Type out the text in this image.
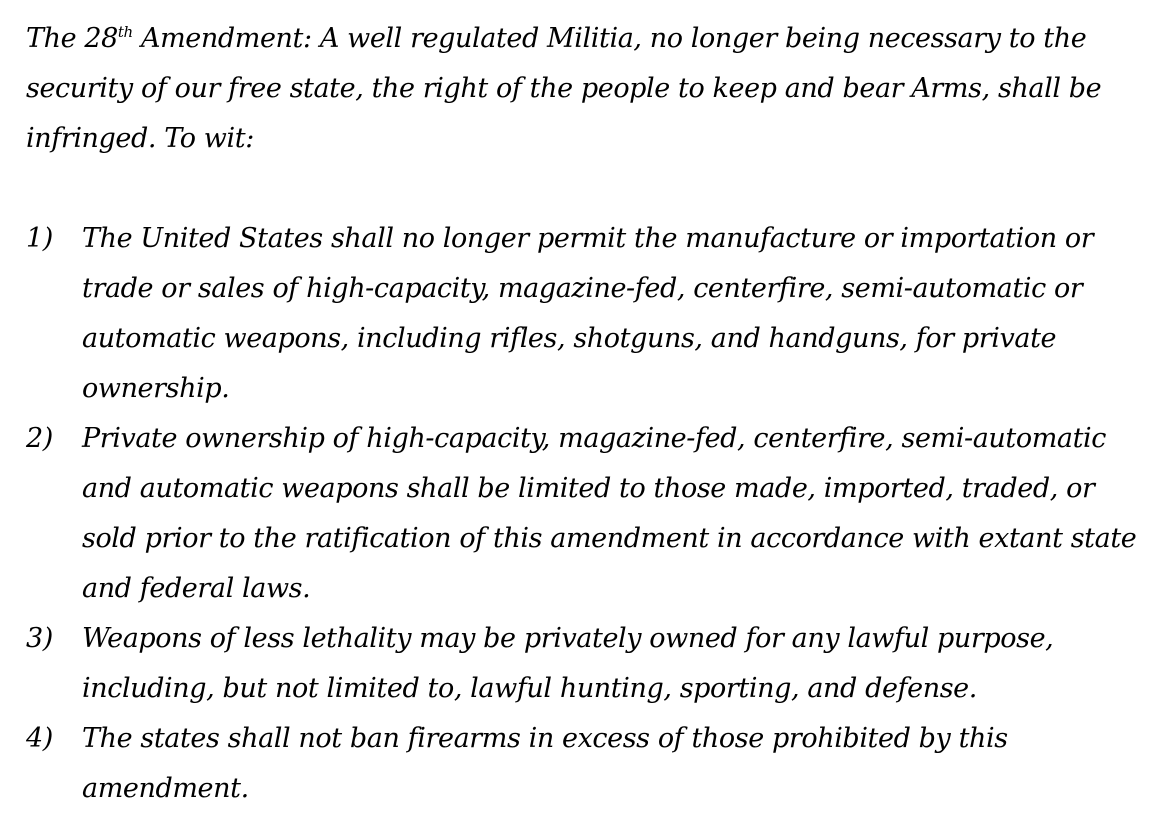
The 28th Amendment: A well regulated Militia, no longer being necessary to the security of our free state, the right of the people to keep and bear Arms, shall be infringed. To wit:

1) The United States shall no longer permit the manufacture or importation or trade or sales of high-capacity, magazine-fed, centerfire, semi-automatic or automatic weapons, including rifles, shotguns, and handguns, for private ownership.
2) Private ownership of high-capacity, magazine-fed, centerfire, semi-automatic and automatic weapons shall be limited to those made, imported, traded, or sold prior to the ratification of this amendment in accordance with extant state and federal laws.
3) Weapons of less lethality may be privately owned for any lawful purpose, including, but not limited to, lawful hunting, sporting, and defense.
4) The states shall not ban firearms in excess of those prohibited by this amendment.
